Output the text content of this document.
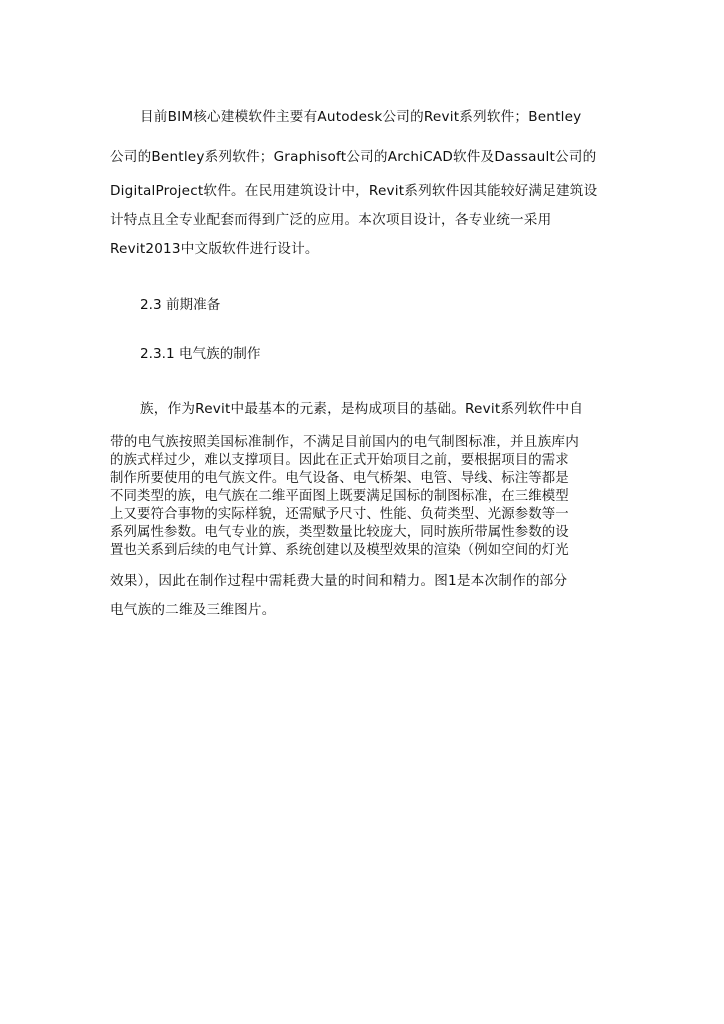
目前BIM核心建模软件主要有Autodesk公司的Revit系列软件；Bentley
公司的Bentley系列软件；Graphisoft公司的ArchiCAD软件及Dassault公司的
DigitalProject软件。在民用建筑设计中，Revit系列软件因其能较好满足建筑设
计特点且全专业配套而得到广泛的应用。本次项目设计，各专业统一采用
Revit2013中文版软件进行设计。
2.3 前期准备
2.3.1 电气族的制作
族，作为Revit中最基本的元素，是构成项目的基础。Revit系列软件中自
带的电气族按照美国标准制作，不满足目前国内的电气制图标准，并且族库内
的族式样过少，难以支撑项目。因此在正式开始项目之前，要根据项目的需求
制作所要使用的电气族文件。电气设备、电气桥架、电管、导线、标注等都是
不同类型的族，电气族在二维平面图上既要满足国标的制图标准，在三维模型
上又要符合事物的实际样貌，还需赋予尺寸、性能、负荷类型、光源参数等一
系列属性参数。电气专业的族，类型数量比较庞大，同时族所带属性参数的设
置也关系到后续的电气计算、系统创建以及模型效果的渲染（例如空间的灯光
效果），因此在制作过程中需耗费大量的时间和精力。图1是本次制作的部分
电气族的二维及三维图片。
